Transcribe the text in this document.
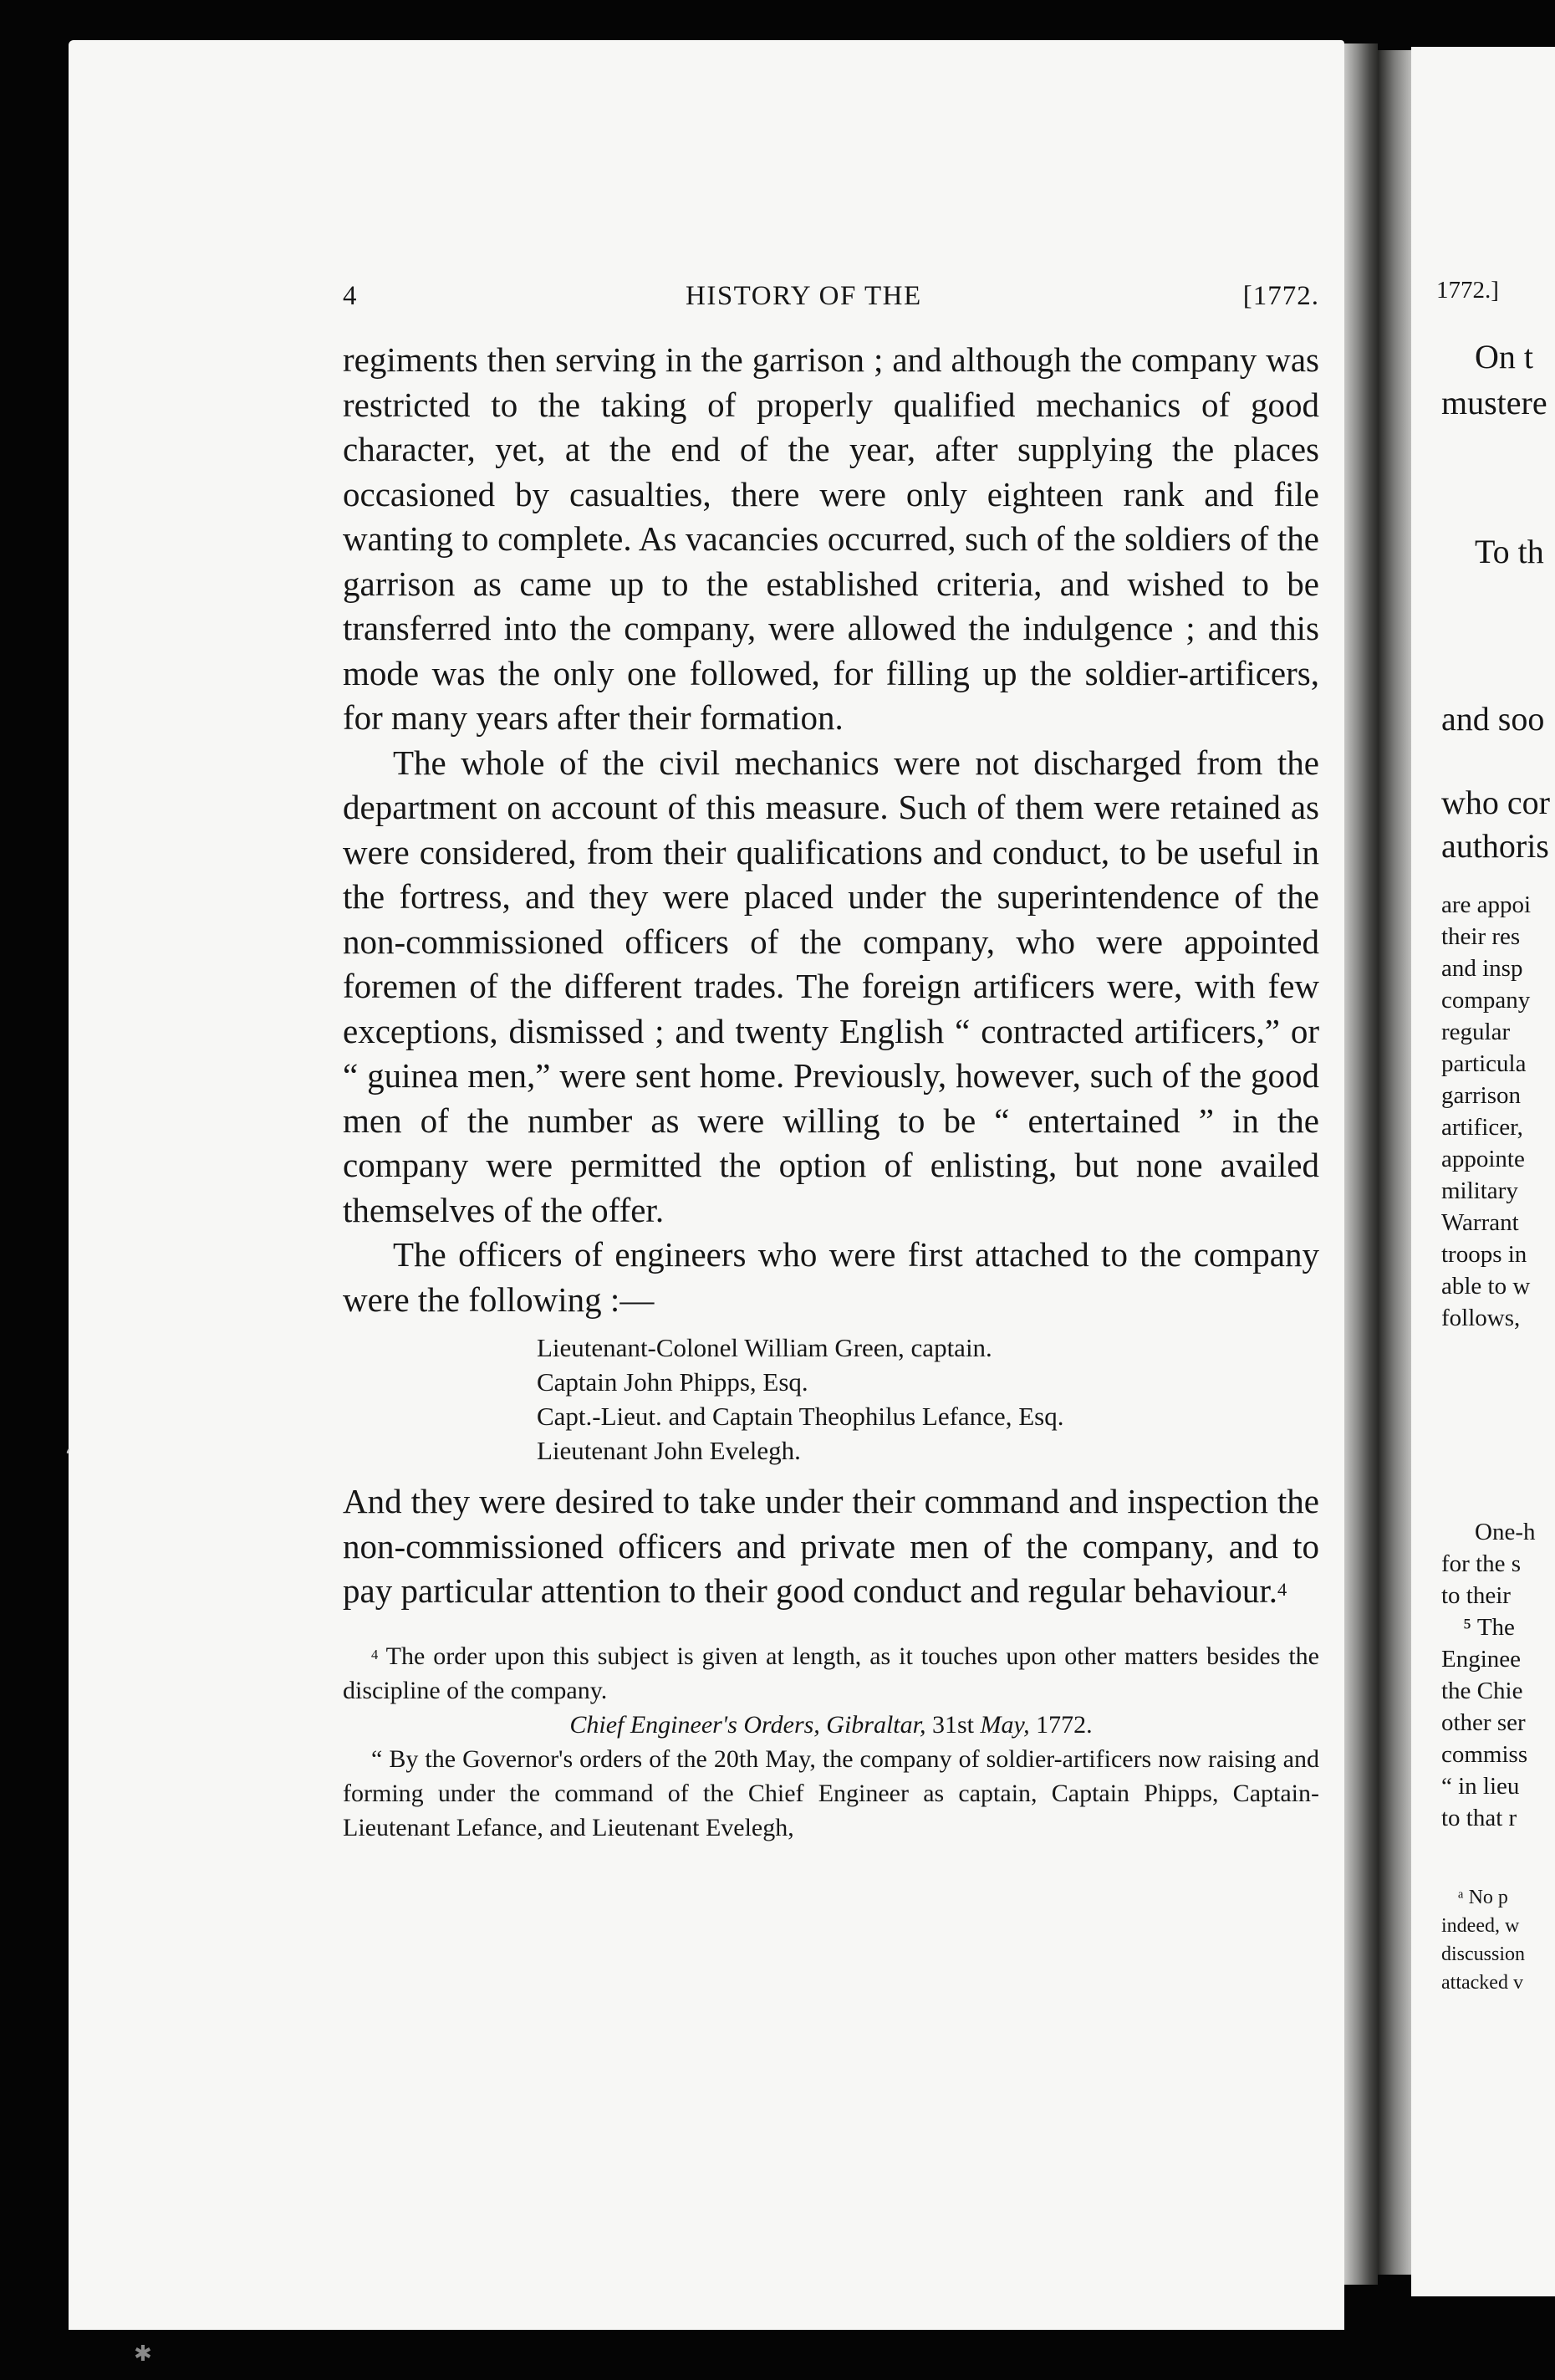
4	HISTORY OF THE	[1772.

regiments then serving in the garrison ; and although the company was restricted to the taking of properly qualified mechanics of good character, yet, at the end of the year, after supplying the places occasioned by casualties, there were only eighteen rank and file wanting to complete. As vacancies occurred, such of the soldiers of the garrison as came up to the established criteria, and wished to be transferred into the company, were allowed the indulgence ; and this mode was the only one followed, for filling up the soldier-artificers, for many years after their formation.

The whole of the civil mechanics were not discharged from the department on account of this measure. Such of them were retained as were considered, from their qualifications and conduct, to be useful in the fortress, and they were placed under the superintendence of the non-commissioned officers of the company, who were appointed foremen of the different trades. The foreign artificers were, with few exceptions, dismissed ; and twenty English “ contracted artificers,” or “ guinea men,” were sent home. Previously, however, such of the good men of the number as were willing to be “ entertained ” in the company were permitted the option of enlisting, but none availed themselves of the offer.

The officers of engineers who were first attached to the company were the following :—

Lieutenant-Colonel William Green, captain.
Captain John Phipps, Esq.
Capt.-Lieut. and Captain Theophilus Lefance, Esq.
Lieutenant John Evelegh.

And they were desired to take under their command and inspection the non-commissioned officers and private men of the company, and to pay particular attention to their good conduct and regular behaviour.$^4$

$^4$ The order upon this subject is given at length, as it touches upon other matters besides the discipline of the company.

Chief Engineer's Orders, Gibraltar, 31st May, 1772.

“ By the Governor's orders of the 20th May, the company of soldier-artificers now raising and forming under the command of the Chief Engineer as captain, Captain Phipps, Captain-Lieutenant Lefance, and Lieutenant Evelegh,

1772.]
On t
mustere
To th
and soo
who cor
authoris
are appoi
their res
and insp
company
regular
particula
garrison
artificer,
appointe
military
Warrant
troops in
able to w
follows,
One-h
for the s
to their
⁵ The
Enginee
the Chie
other ser
commiss
“ in lieu
to that r
ᵃ No p
indeed, w
discussion
attacked v
‘
✱
